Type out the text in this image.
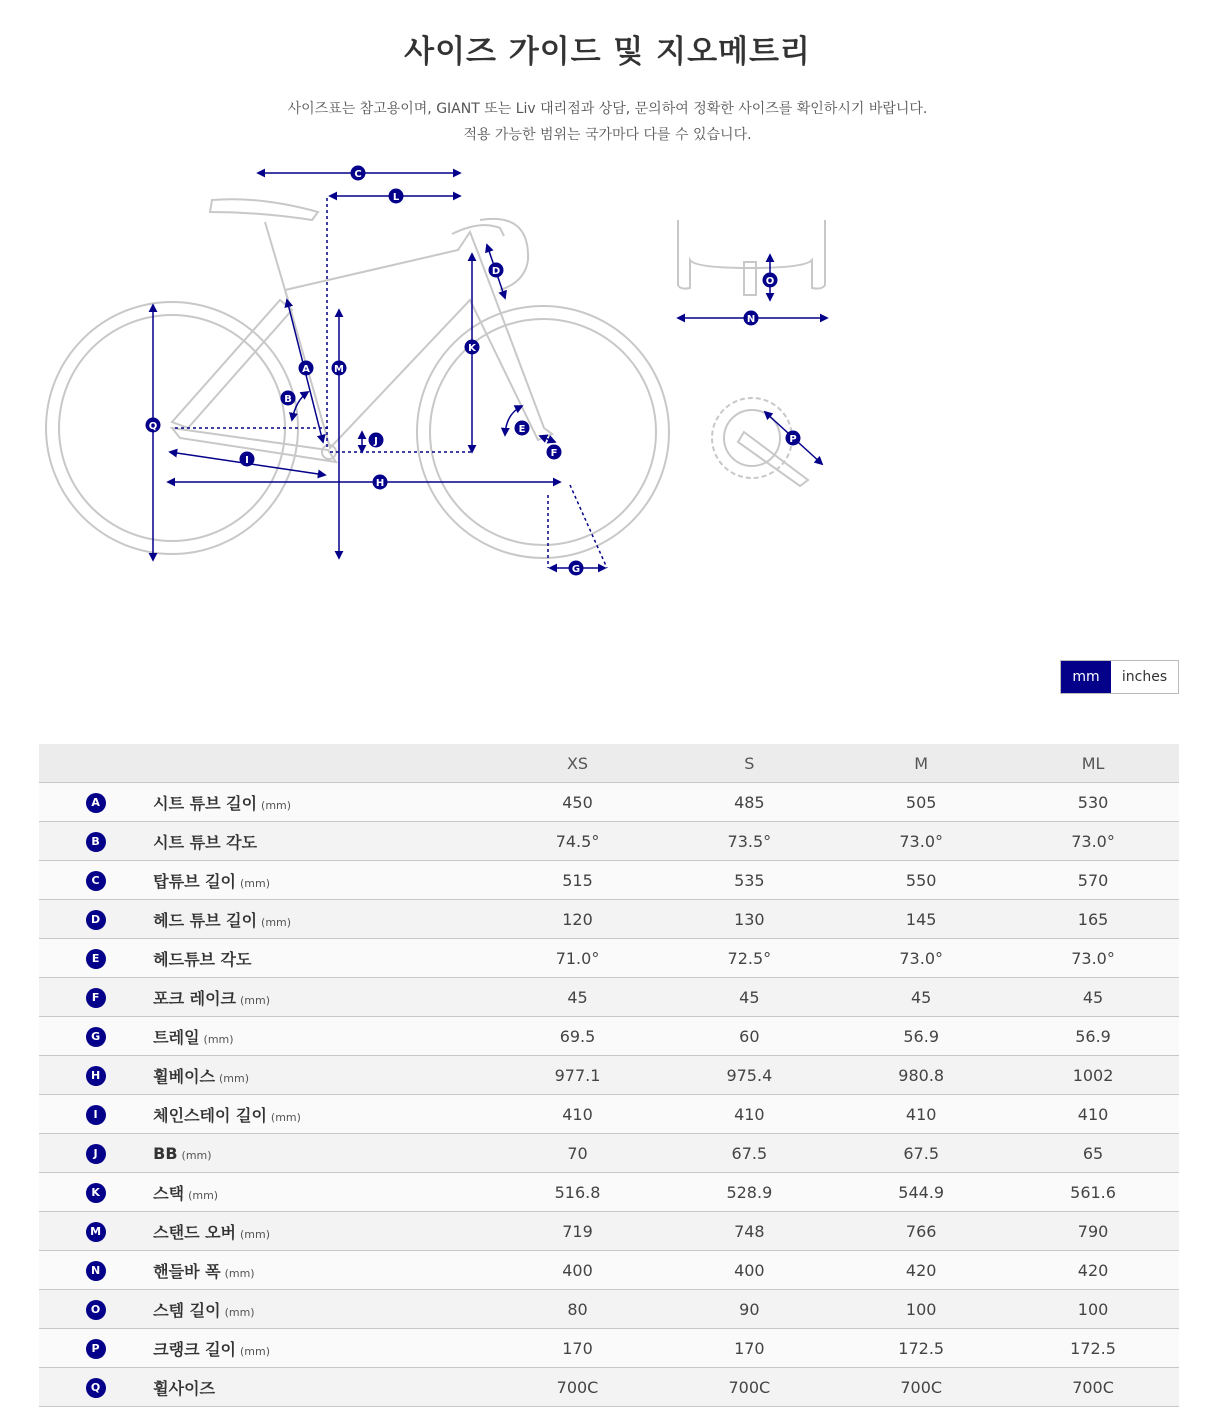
사이즈 가이드 및 지오메트리
사이즈표는 참고용이며, GIANT 또는 Liv 대리점과 상담, 문의하여 정확한 사이즈를 확인하시기 바랍니다.
적용 가능한 범위는 국가마다 다를 수 있습니다.
A
B
C
D
E
F
G
H
I
J
K
L
M
N
O
P
Q
mm	inches
		XS	S	M	ML
A	시트 튜브 길이 (mm)	450	485	505	530
B	시트 튜브 각도	74.5°	73.5°	73.0°	73.0°
C	탑튜브 길이 (mm)	515	535	550	570
D	헤드 튜브 길이 (mm)	120	130	145	165
E	헤드튜브 각도	71.0°	72.5°	73.0°	73.0°
F	포크 레이크 (mm)	45	45	45	45
G	트레일 (mm)	69.5	60	56.9	56.9
H	휠베이스 (mm)	977.1	975.4	980.8	1002
I	체인스테이 길이 (mm)	410	410	410	410
J	BB (mm)	70	67.5	67.5	65
K	스택 (mm)	516.8	528.9	544.9	561.6
M	스탠드 오버 (mm)	719	748	766	790
N	핸들바 폭 (mm)	400	400	420	420
O	스템 길이 (mm)	80	90	100	100
P	크랭크 길이 (mm)	170	170	172.5	172.5
Q	휠사이즈	700C	700C	700C	700C
